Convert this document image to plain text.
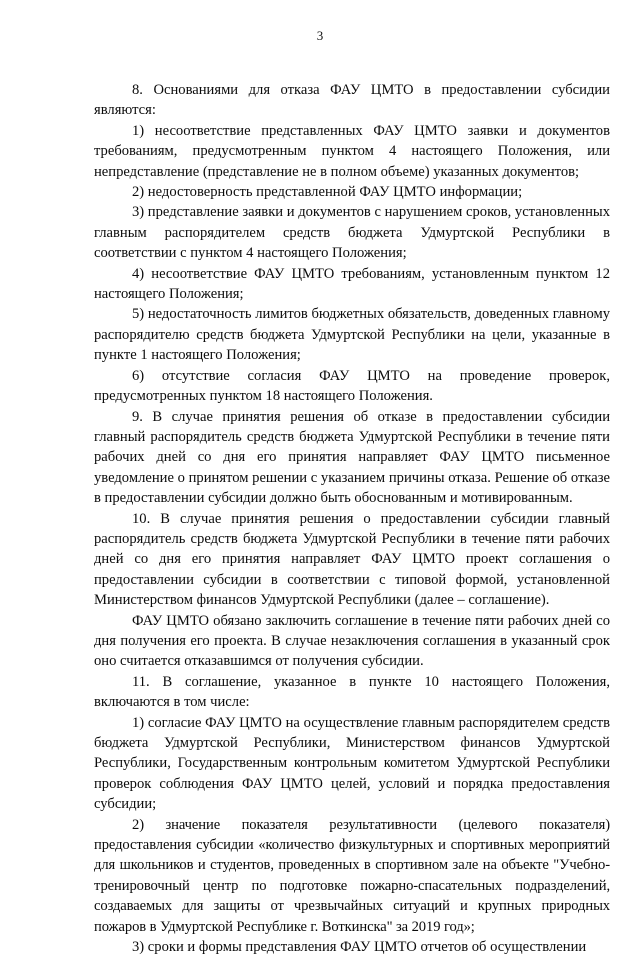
3

8. Основаниями для отказа ФАУ ЦМТО в предоставлении субсидии являются:

1) несоответствие представленных ФАУ ЦМТО заявки и документов требованиям, предусмотренным пунктом 4 настоящего Положения, или непредставление (представление не в полном объеме) указанных документов;

2) недостоверность представленной ФАУ ЦМТО информации;

3) представление заявки и документов с нарушением сроков, установленных главным распорядителем средств бюджета Удмуртской Республики в соответствии с пунктом 4 настоящего Положения;

4) несоответствие ФАУ ЦМТО требованиям, установленным пунктом 12 настоящего Положения;

5) недостаточность лимитов бюджетных обязательств, доведенных главному распорядителю средств бюджета Удмуртской Республики на цели, указанные в пункте 1 настоящего Положения;

6) отсутствие согласия ФАУ ЦМТО на проведение проверок, предусмотренных пунктом 18 настоящего Положения.

9. В случае принятия решения об отказе в предоставлении субсидии главный распорядитель средств бюджета Удмуртской Республики в течение пяти рабочих дней со дня его принятия направляет ФАУ ЦМТО письменное уведомление о принятом решении с указанием причины отказа. Решение об отказе в предоставлении субсидии должно быть обоснованным и мотивированным.

10. В случае принятия решения о предоставлении субсидии главный распорядитель средств бюджета Удмуртской Республики в течение пяти рабочих дней со дня его принятия направляет ФАУ ЦМТО проект соглашения о предоставлении субсидии в соответствии с типовой формой, установленной Министерством финансов Удмуртской Республики (далее – соглашение).

ФАУ ЦМТО обязано заключить соглашение в течение пяти рабочих дней со дня получения его проекта. В случае незаключения соглашения в указанный срок оно считается отказавшимся от получения субсидии.

11. В соглашение, указанное в пункте 10 настоящего Положения, включаются в том числе:

1) согласие ФАУ ЦМТО на осуществление главным распорядителем средств бюджета Удмуртской Республики, Министерством финансов Удмуртской Республики, Государственным контрольным комитетом Удмуртской Республики проверок соблюдения ФАУ ЦМТО целей, условий и порядка предоставления субсидии;

2) значение показателя результативности (целевого показателя) предоставления субсидии «количество физкультурных и спортивных мероприятий для школьников и студентов, проведенных в спортивном зале на объекте "Учебно-тренировочный центр по подготовке пожарно-спасательных подразделений, создаваемых для защиты от чрезвычайных ситуаций и крупных природных пожаров в Удмуртской Республике г. Воткинска" за 2019 год»;

3) сроки и формы представления ФАУ ЦМТО отчетов об осуществлении
